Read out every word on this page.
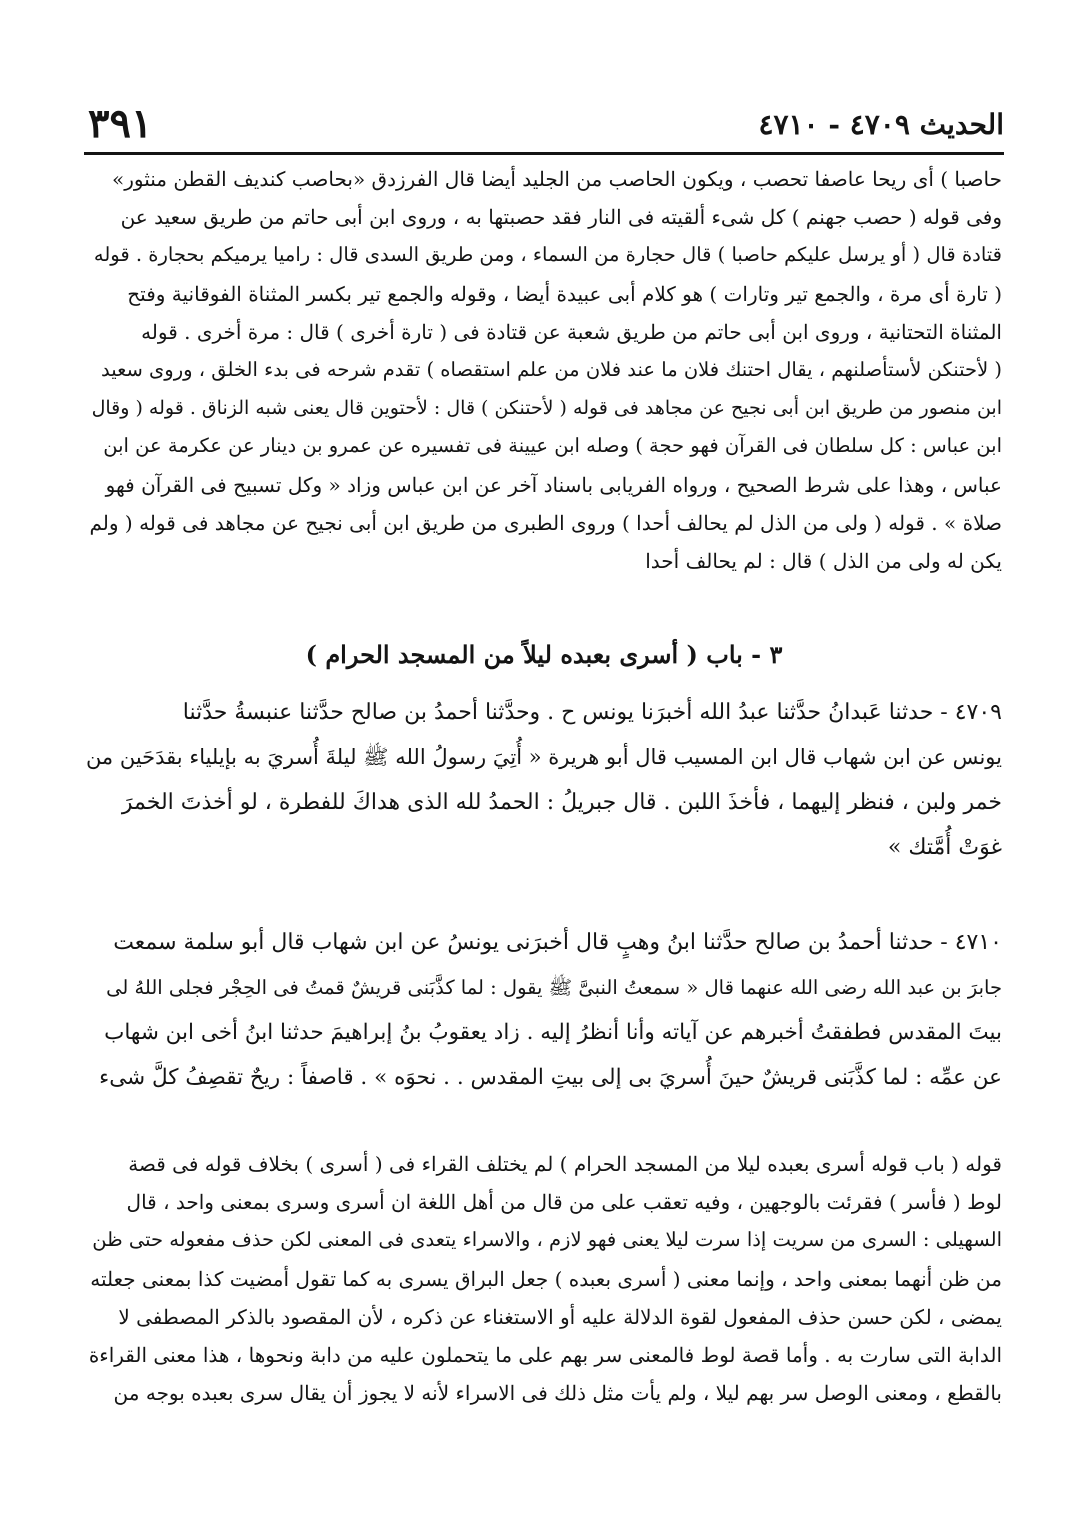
الحديث ٤٧٠٩ - ٤٧١٠
٣٩١
حاصبا ) أى ريحا عاصفا تحصب ، ويكون الحاصب من الجليد أيضا قال الفرزدق «بحاصب كنديف القطن منثور»
وفى قوله ( حصب جهنم ) كل شىء ألقيته فى النار فقد حصبتها به ، وروى ابن أبى حاتم من طريق سعيد عن
قتادة قال ( أو يرسل عليكم حاصبا ) قال حجارة من السماء ، ومن طريق السدى قال : راميا يرميكم بحجارة . قوله
( تارة أى مرة ، والجمع تير وتارات ) هو كلام أبى عبيدة أيضا ، وقوله والجمع تير بكسر المثناة الفوقانية وفتح
المثناة التحتانية ، وروى ابن أبى حاتم من طريق شعبة عن قتادة فى ( تارة أخرى ) قال : مرة أخرى . قوله
( لأحتنكن لأستأصلنهم ، يقال احتنك فلان ما عند فلان من علم استقصاه ) تقدم شرحه فى بدء الخلق ، وروى سعيد
ابن منصور من طريق ابن أبى نجيح عن مجاهد فى قوله ( لأحتنكن ) قال : لأحتوين قال يعنى شبه الزناق . قوله ( وقال
ابن عباس : كل سلطان فى القرآن فهو حجة ) وصله ابن عيينة فى تفسيره عن عمرو بن دينار عن عكرمة عن ابن
عباس ، وهذا على شرط الصحيح ، ورواه الفريابى باسناد آخر عن ابن عباس وزاد « وكل تسبيح فى القرآن فهو
صلاة » . قوله ( ولى من الذل لم يحالف أحدا ) وروى الطبرى من طريق ابن أبى نجيح عن مجاهد فى قوله ( ولم
يكن له ولى من الذل ) قال : لم يحالف أحدا
٣ - باب ( أسرى بعبده ليلاً من المسجد الحرام )
٤٧٠٩ - حدثنا عَبدانُ حدَّثنا عبدُ الله أخبرَنا يونس ح . وحدَّثنا أحمدُ بن صالح حدَّثنا عنبسةُ حدَّثنا
يونس عن ابن شهاب قال ابن المسيب قال أبو هريرة « أُتِيَ رسولُ الله ﷺ ليلةَ أُسريَ به بإيلياء بقدَحَين من
خمر ولبن ، فنظر إليهما ، فأخذَ اللبن . قال جبريلُ : الحمدُ لله الذى هداكَ للفطرة ، لو أخذتَ الخمرَ
غوَتْ أُمَّتك »
٤٧١٠ - حدثنا أحمدُ بن صالح حدَّثنا ابنُ وهبٍ قال أخبرَنى يونسُ عن ابن شهاب قال أبو سلمة سمعت
جابرَ بن عبد الله رضى الله عنهما قال « سمعتُ النبىَّ ﷺ يقول : لما كذَّبَنى قريشٌ قمتُ فى الحِجْر فجلى اللهُ لى
بيتَ المقدس فطفقتُ أخبرهم عن آياته وأنا أنظرُ إليه . زاد يعقوبُ بنُ إبراهيمَ حدثنا ابنُ أخى ابن شهاب
عن عمِّه : لما كذَّبَنى قريشٌ حينَ أُسريَ بى إلى بيتِ المقدس . . نحوَه » . قاصفاً : ريحٌ تقصِفُ كلَّ شىء
قوله ( باب قوله أسرى بعبده ليلا من المسجد الحرام ) لم يختلف القراء فى ( أسرى ) بخلاف قوله فى قصة
لوط ( فأسر ) فقرئت بالوجهين ، وفيه تعقب على من قال من أهل اللغة ان أسرى وسرى بمعنى واحد ، قال
السهيلى : السرى من سريت إذا سرت ليلا يعنى فهو لازم ، والاسراء يتعدى فى المعنى لكن حذف مفعوله حتى ظن
من ظن أنهما بمعنى واحد ، وإنما معنى ( أسرى بعبده ) جعل البراق يسرى به كما تقول أمضيت كذا بمعنى جعلته
يمضى ، لكن حسن حذف المفعول لقوة الدلالة عليه أو الاستغناء عن ذكره ، لأن المقصود بالذكر المصطفى لا
الدابة التى سارت به . وأما قصة لوط فالمعنى سر بهم على ما يتحملون عليه من دابة ونحوها ، هذا معنى القراءة
بالقطع ، ومعنى الوصل سر بهم ليلا ، ولم يأت مثل ذلك فى الاسراء لأنه لا يجوز أن يقال سرى بعبده بوجه من
